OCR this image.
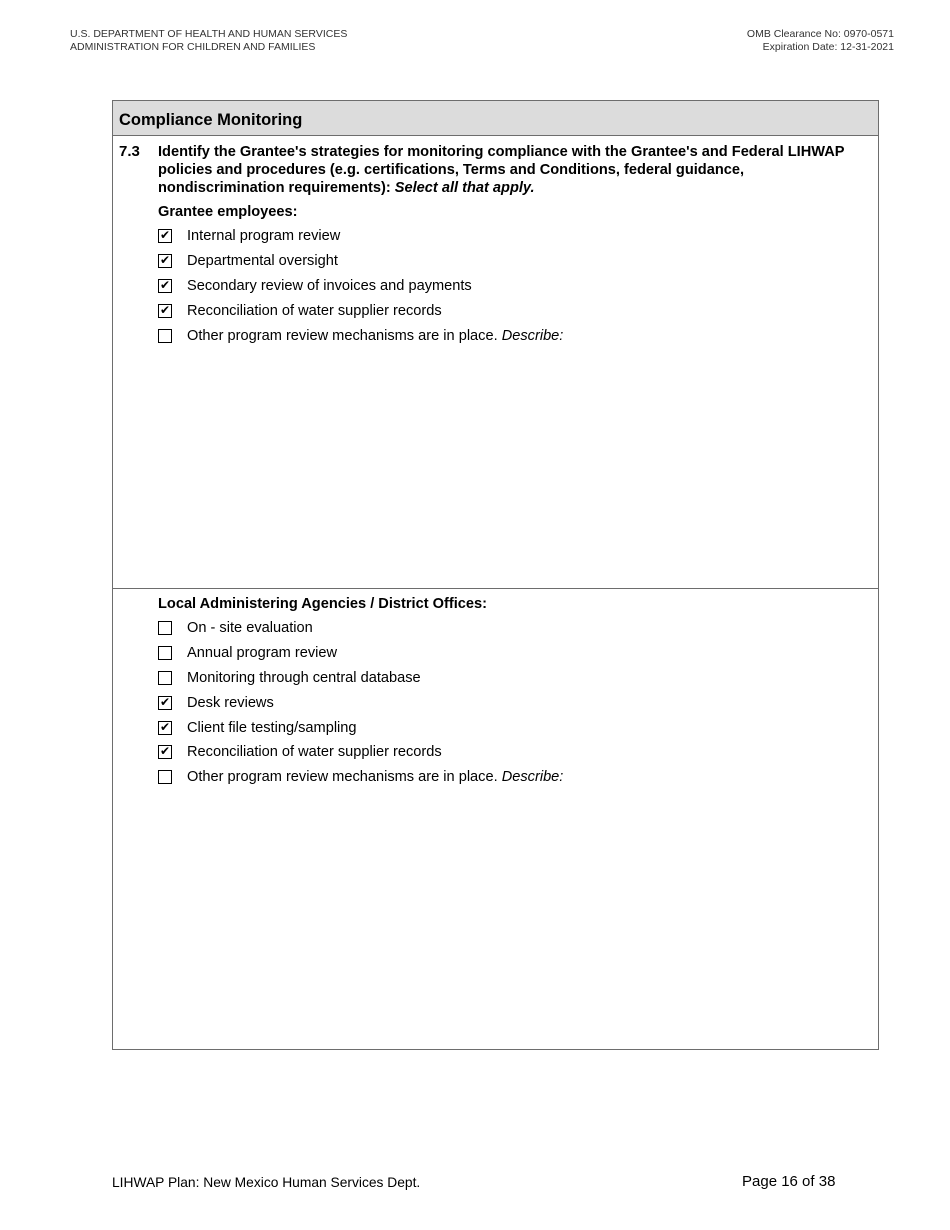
U.S. DEPARTMENT OF HEALTH AND HUMAN SERVICES
ADMINISTRATION FOR CHILDREN AND FAMILIES
OMB Clearance No: 0970-0571
Expiration Date: 12-31-2021
Compliance Monitoring
7.3 Identify the Grantee's strategies for monitoring compliance with the Grantee's and Federal LIHWAP policies and procedures (e.g. certifications, Terms and Conditions, federal guidance, nondiscrimination requirements): Select all that apply.
Grantee employees:
✔
Internal program review
✔
Departmental oversight
✔
Secondary review of invoices and payments
✔
Reconciliation of water supplier records
Other program review mechanisms are in place.
Describe:
Local Administering Agencies / District Offices:
On - site evaluation
Annual program review
Monitoring through central database
✔
Desk reviews
✔
Client file testing/sampling
✔
Reconciliation of water supplier records
Other program review mechanisms are in place.
Describe:
LIHWAP Plan: New Mexico Human Services Dept.	Page 16 of 38
